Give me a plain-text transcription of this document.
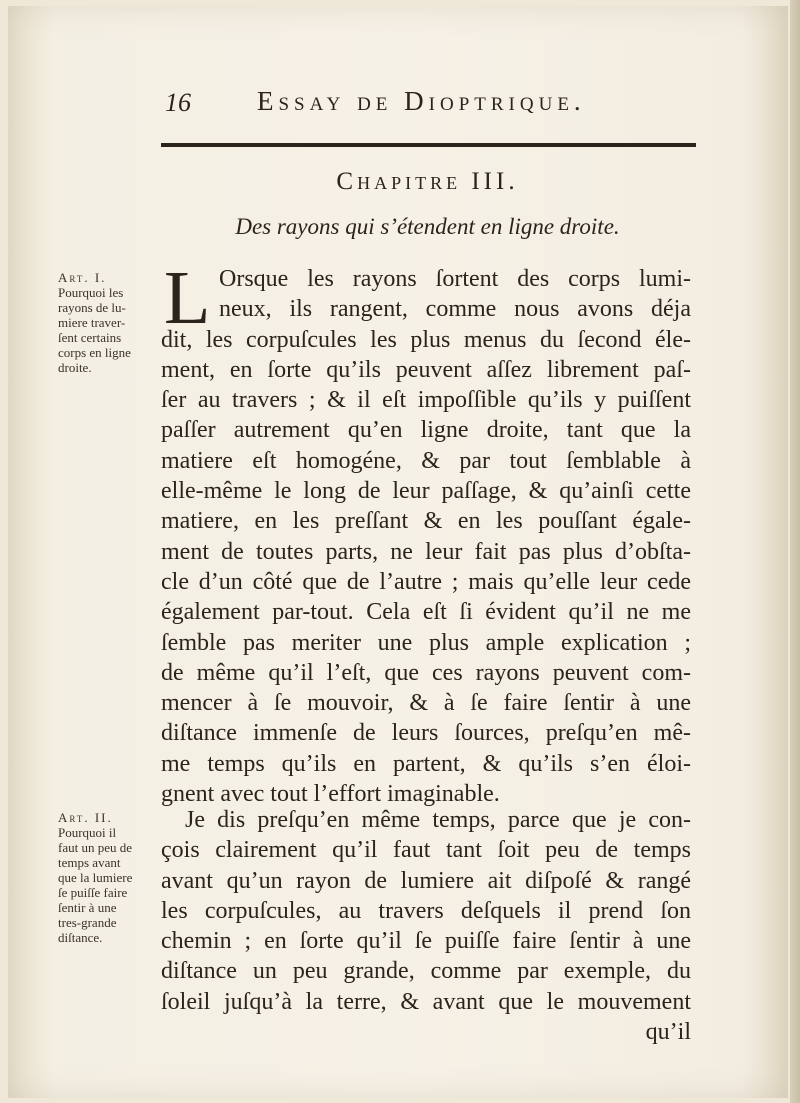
16 Essay de Dioptrique.
Chapitre III.
Des rayons qui s’étendent en ligne droite.
Art. I.
Pourquoi les
rayons de lu-
miere traver-
ſent certains
corps en ligne
droite.
Art. II.
Pourquoi il
faut un peu de
temps avant
que la lumiere
ſe puiſſe faire
ſentir à une
tres-grande
diſtance.
L Orsque les rayons ſortent des corps lumi-
neux, ils rangent, comme nous avons déja
dit, les corpuſcules les plus menus du ſecond éle-
ment, en ſorte qu’ils peuvent aſſez librement paſ-
ſer au travers ; & il eſt impoſſible qu’ils y puiſſent
paſſer autrement qu’en ligne droite, tant que la
matiere eſt homogéne, & par tout ſemblable à
elle-même le long de leur paſſage, & qu’ainſi cette
matiere, en les preſſant & en les pouſſant égale-
ment de toutes parts, ne leur fait pas plus d’obſta-
cle d’un côté que de l’autre ; mais qu’elle leur cede
également par-tout. Cela eſt ſi évident qu’il ne me
ſemble pas meriter une plus ample explication ;
de même qu’il l’eſt, que ces rayons peuvent com-
mencer à ſe mouvoir, & à ſe faire ſentir à une
diſtance immenſe de leurs ſources, preſqu’en mê-
me temps qu’ils en partent, & qu’ils s’en éloi-
gnent avec tout l’effort imaginable.
Je dis preſqu’en même temps, parce que je con-
çois clairement qu’il faut tant ſoit peu de temps
avant qu’un rayon de lumiere ait diſpoſé & rangé
les corpuſcules, au travers deſquels il prend ſon
chemin ; en ſorte qu’il ſe puiſſe faire ſentir à une
diſtance un peu grande, comme par exemple, du
ſoleil juſqu’à la terre, & avant que le mouvement
qu’il
